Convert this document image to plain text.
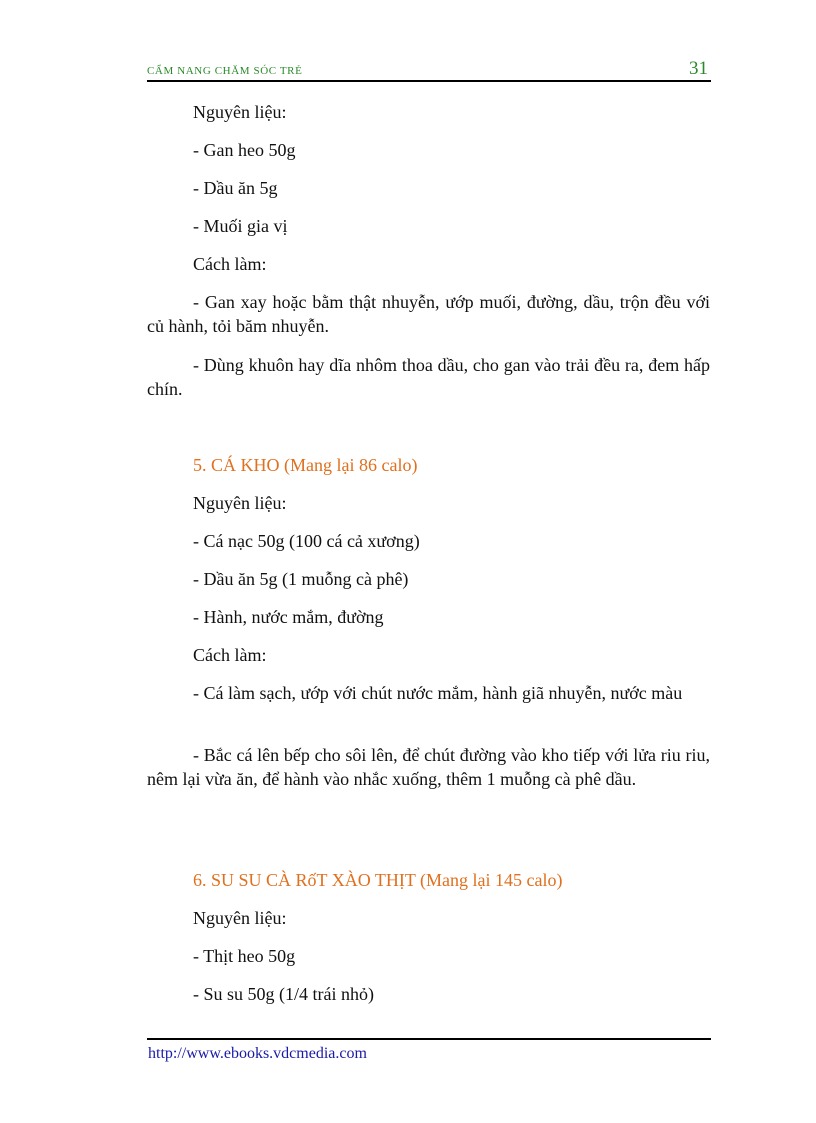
CẨM NANG CHĂM SÓC TRẺ	31
Nguyên liệu:
- Gan heo 50g
- Dầu ăn 5g
- Muối gia vị
Cách làm:
- Gan xay hoặc bằm thật nhuyễn, ướp muối, đường, dầu, trộn đều với củ hành, tỏi băm nhuyễn.
- Dùng khuôn hay dĩa nhôm thoa dầu, cho gan vào trải đều ra, đem hấp chín.
5. CÁ KHO (Mang lại 86 calo)
Nguyên liệu:
- Cá nạc 50g (100 cá cả xương)
- Dầu ăn 5g (1 muỗng cà phê)
- Hành, nước mắm, đường
Cách làm:
- Cá làm sạch, ướp với chút nước mắm, hành giã nhuyễn, nước màu
- Bắc cá lên bếp cho sôi lên, để chút đường vào kho tiếp với lửa riu riu, nêm lại vừa ăn, để hành vào nhắc xuống, thêm 1 muỗng cà phê dầu.
6. SU SU CÀ RốT XÀO THỊT (Mang lại 145 calo)
Nguyên liệu:
- Thịt heo 50g
- Su su 50g (1/4 trái nhỏ)
http://www.ebooks.vdcmedia.com
